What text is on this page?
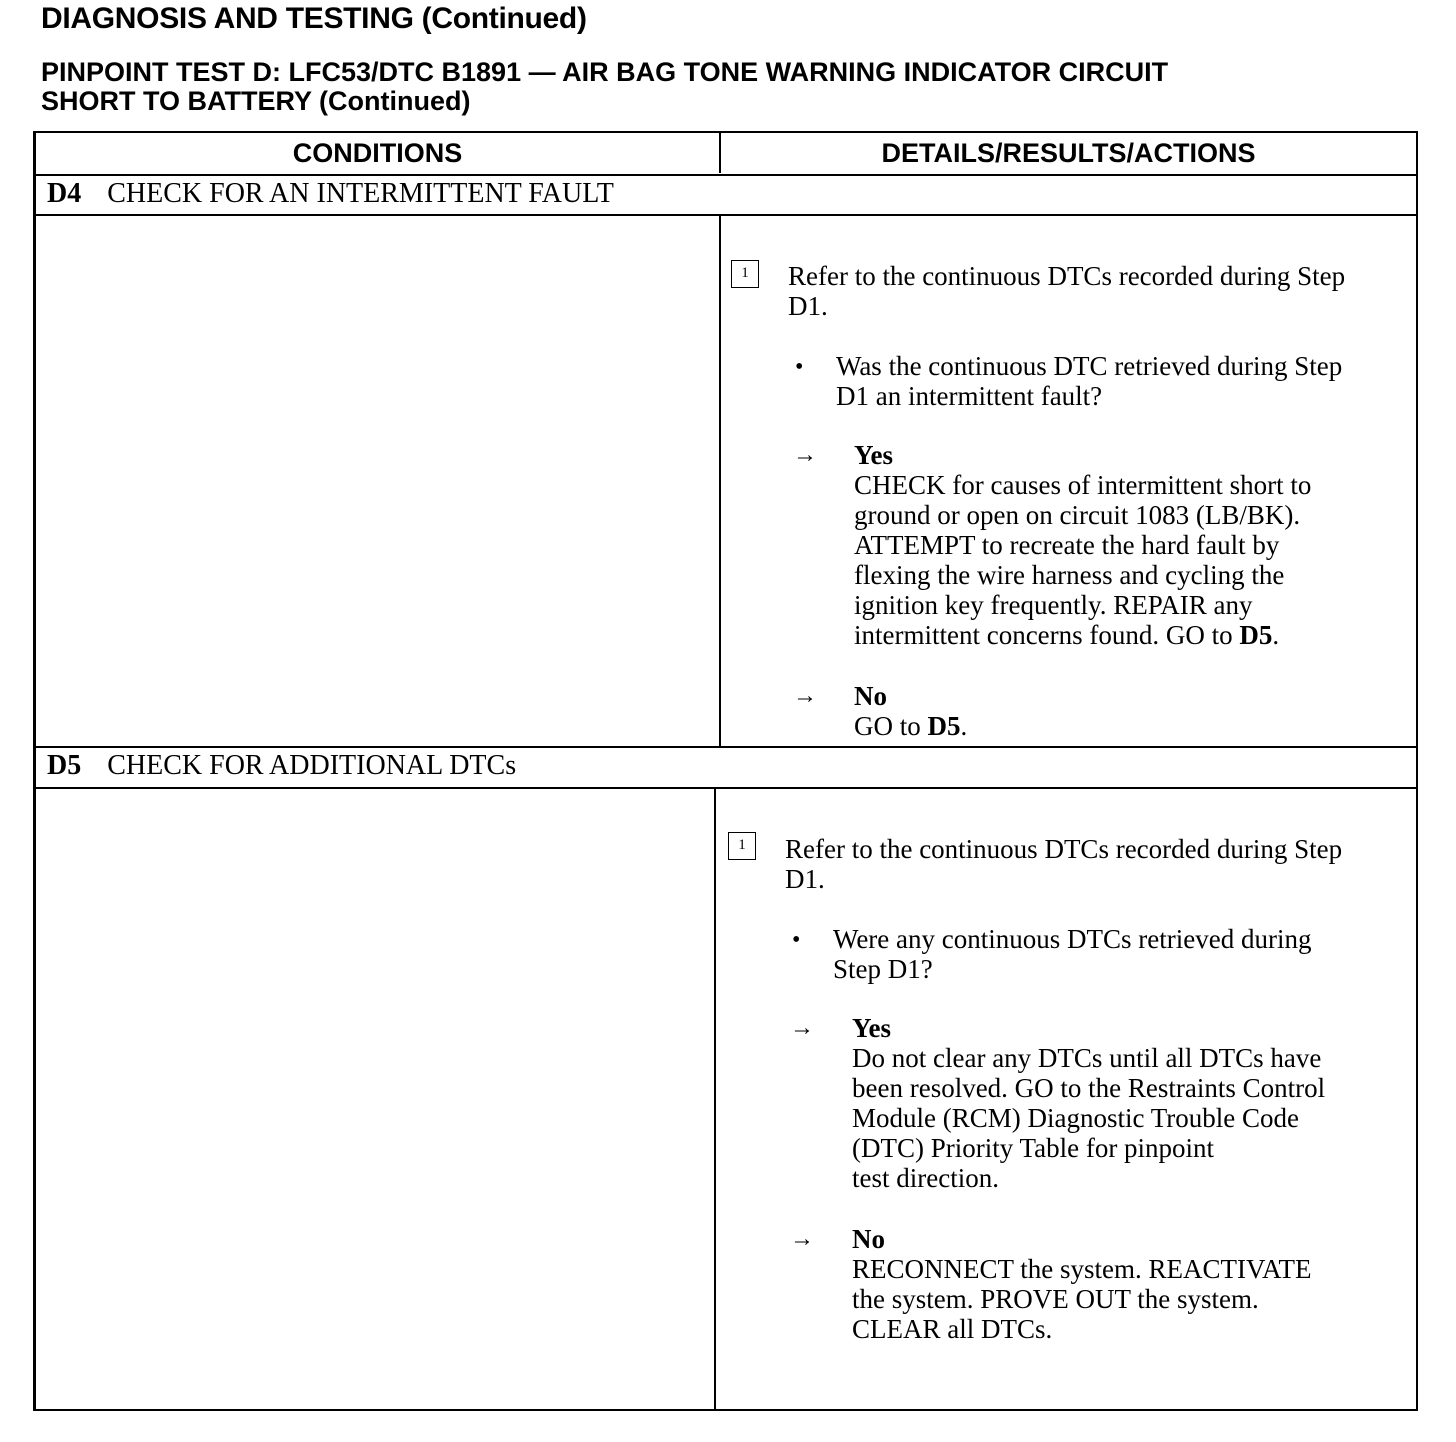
DIAGNOSIS AND TESTING (Continued)
PINPOINT TEST D: LFC53/DTC B1891 — AIR BAG TONE WARNING INDICATOR CIRCUIT
SHORT TO BATTERY (Continued)
CONDITIONS	DETAILS/RESULTS/ACTIONS
D4 CHECK FOR AN INTERMITTENT FAULT
1	Refer to the continuous DTCs recorded during Step
D1.
• Was the continuous DTC retrieved during Step
D1 an intermittent fault?
→ Yes
CHECK for causes of intermittent short to
ground or open on circuit 1083 (LB/BK).
ATTEMPT to recreate the hard fault by
flexing the wire harness and cycling the
ignition key frequently. REPAIR any
intermittent concerns found. GO to D5.
→ No
GO to D5.
D5 CHECK FOR ADDITIONAL DTCs
1	Refer to the continuous DTCs recorded during Step
D1.
• Were any continuous DTCs retrieved during
Step D1?
→ Yes
Do not clear any DTCs until all DTCs have
been resolved. GO to the Restraints Control
Module (RCM) Diagnostic Trouble Code
(DTC) Priority Table for pinpoint
test direction.
→ No
RECONNECT the system. REACTIVATE
the system. PROVE OUT the system.
CLEAR all DTCs.
